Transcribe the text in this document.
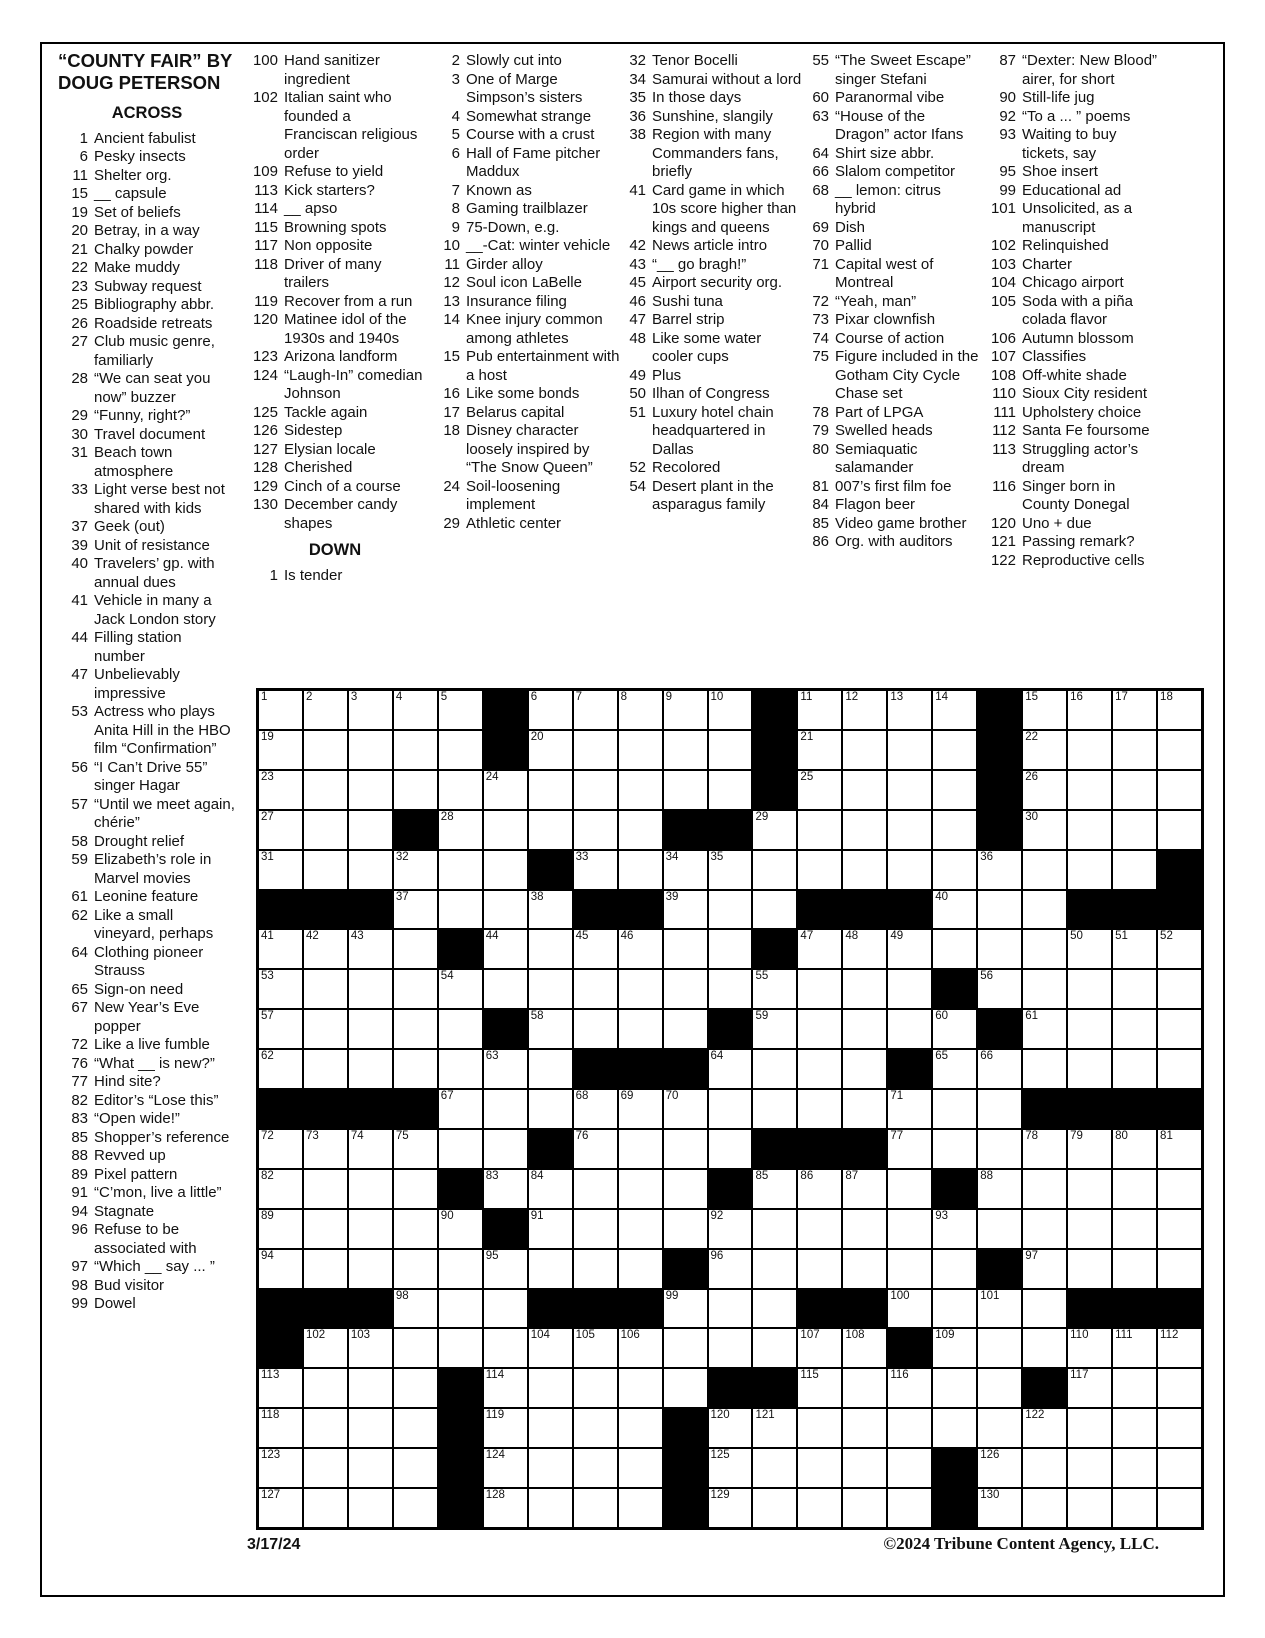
“COUNTY FAIR” BY
DOUG PETERSON
ACROSS
1 Ancient fabulist
6 Pesky insects
11 Shelter org.
15 __ capsule
19 Set of beliefs
20 Betray, in a way
21 Chalky powder
22 Make muddy
23 Subway request
25 Bibliography abbr.
26 Roadside retreats
27 Club music genre, familiarly
28 “We can seat you now” buzzer
29 “Funny, right?”
30 Travel document
31 Beach town atmosphere
33 Light verse best not shared with kids
37 Geek (out)
39 Unit of resistance
40 Travelers’ gp. with annual dues
41 Vehicle in many a Jack London story
44 Filling station number
47 Unbelievably impressive
53 Actress who plays Anita Hill in the HBO film “Confirmation”
56 “I Can’t Drive 55” singer Hagar
57 “Until we meet again, chérie”
58 Drought relief
59 Elizabeth’s role in Marvel movies
61 Leonine feature
62 Like a small vineyard, perhaps
64 Clothing pioneer Strauss
65 Sign-on need
67 New Year’s Eve popper
72 Like a live fumble
76 “What __ is new?”
77 Hind site?
82 Editor’s “Lose this”
83 “Open wide!”
85 Shopper’s reference
88 Revved up
89 Pixel pattern
91 “C’mon, live a little”
94 Stagnate
96 Refuse to be associated with
97 “Which __ say ... ”
98 Bud visitor
99 Dowel
100 Hand sanitizer ingredient
102 Italian saint who founded a Franciscan religious order
109 Refuse to yield
113 Kick starters?
114 __ apso
115 Browning spots
117 Non opposite
118 Driver of many trailers
119 Recover from a run
120 Matinee idol of the 1930s and 1940s
123 Arizona landform
124 “Laugh-In” comedian Johnson
125 Tackle again
126 Sidestep
127 Elysian locale
128 Cherished
129 Cinch of a course
130 December candy shapes
DOWN
1 Is tender
2 Slowly cut into
3 One of Marge Simpson’s sisters
4 Somewhat strange
5 Course with a crust
6 Hall of Fame pitcher Maddux
7 Known as
8 Gaming trailblazer
9 75-Down, e.g.
10 __-Cat: winter vehicle
11 Girder alloy
12 Soul icon LaBelle
13 Insurance filing
14 Knee injury common among athletes
15 Pub entertainment with a host
16 Like some bonds
17 Belarus capital
18 Disney character loosely inspired by “The Snow Queen”
24 Soil-loosening implement
29 Athletic center
32 Tenor Bocelli
34 Samurai without a lord
35 In those days
36 Sunshine, slangily
38 Region with many Commanders fans, briefly
41 Card game in which 10s score higher than kings and queens
42 News article intro
43 “__ go bragh!”
45 Airport security org.
46 Sushi tuna
47 Barrel strip
48 Like some water cooler cups
49 Plus
50 Ilhan of Congress
51 Luxury hotel chain headquartered in Dallas
52 Recolored
54 Desert plant in the asparagus family
55 “The Sweet Escape” singer Stefani
60 Paranormal vibe
63 “House of the Dragon” actor Ifans
64 Shirt size abbr.
66 Slalom competitor
68 __ lemon: citrus hybrid
69 Dish
70 Pallid
71 Capital west of Montreal
72 “Yeah, man”
73 Pixar clownfish
74 Course of action
75 Figure included in the Gotham City Cycle Chase set
78 Part of LPGA
79 Swelled heads
80 Semiaquatic salamander
81 007’s first film foe
84 Flagon beer
85 Video game brother
86 Org. with auditors
87 “Dexter: New Blood” airer, for short
90 Still-life jug
92 “To a ... ” poems
93 Waiting to buy tickets, say
95 Shoe insert
99 Educational ad
101 Unsolicited, as a manuscript
102 Relinquished
103 Charter
104 Chicago airport
105 Soda with a piña colada flavor
106 Autumn blossom
107 Classifies
108 Off-white shade
110 Sioux City resident
111 Upholstery choice
112 Santa Fe foursome
113 Struggling actor’s dream
116 Singer born in County Donegal
120 Uno + due
121 Passing remark?
122 Reproductive cells
1	2	3	4	5	6	7	8	9	10	11	12	13	14	15	16	17	18
19	20	21	22
23	24	25	26
27	28	29	30
31	32	33	34	35	36
37	38	39	40
41	42	43	44	45	46	47	48	49	50	51	52
53	54	55	56
57	58	59	60	61
62	63	64	65	66
67	68	69	70	71
72	73	74	75	76	77	78	79	80	81
82	83	84	85	86	87	88
89	90	91	92	93
94	95	96	97
98	99	100	101
102 103	104 105 106	107 108	109	110 111 112
113	114	115	116	117
118	119	120 121	122
123	124	125	126
127	128	129	130
3/17/24	©2024 Tribune Content Agency, LLC.
